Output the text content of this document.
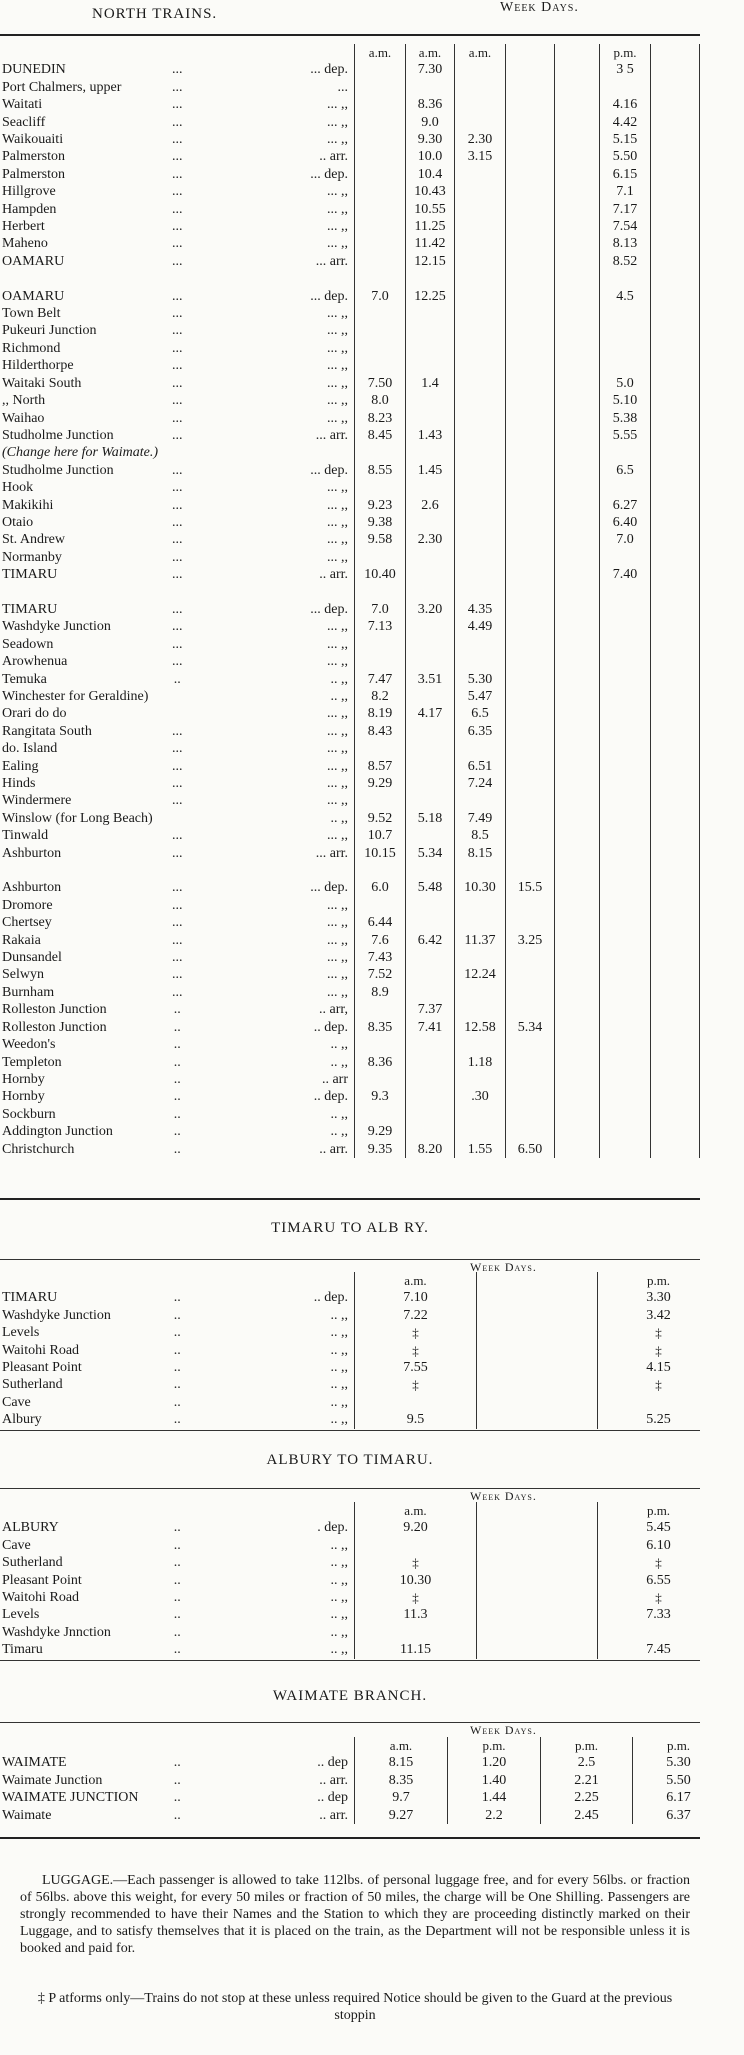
NORTH TRAINS.	Week Days.
			a.m.	a.m.	a.m.			p.m.		
DUNEDIN	...	... dep.		7.30				3 5		
Port Chalmers, upper	...	...								
Waitati	...	... ,,		8.36				4.16		
Seacliff	...	... ,,		9.0				4.42		
Waikouaiti	...	... ,,		9.30	2.30			5.15		
Palmerston	...	.. arr.		10.0	3.15			5.50		
Palmerston	...	... dep.		10.4				6.15		
Hillgrove	...	... ,,		10.43				7.1		
Hampden	...	... ,,		10.55				7.17		
Herbert	...	... ,,		11.25				7.54		
Maheno	...	... ,,		11.42				8.13		
OAMARU	...	... arr.		12.15				8.52		

OAMARU	...	... dep.	7.0	12.25				4.5		
Town Belt	...	... ,,								
Pukeuri Junction	...	... ,,								
Richmond	...	... ,,								
Hilderthorpe	...	... ,,								
Waitaki South	...	... ,,	7.50	1.4				5.0		
,, North	...	... ,,	8.0					5.10		
Waihao	...	... ,,	8.23					5.38		
Studholme Junction	...	... arr.	8.45	1.43				5.55		
(Change here for Waimate.)										
Studholme Junction	...	... dep.	8.55	1.45				6.5		
Hook	...	... ,,								
Makikihi	...	... ,,	9.23	2.6				6.27		
Otaio	...	... ,,	9.38					6.40		
St. Andrew	...	... ,,	9.58	2.30				7.0		
Normanby	...	... ,,								
TIMARU	...	.. arr.	10.40					7.40		

TIMARU	...	... dep.	7.0	3.20	4.35					
Washdyke Junction	...	... ,,	7.13		4.49					
Seadown	...	... ,,								
Arowhenua	...	... ,,								
Temuka	..	.. ,,	7.47	3.51	5.30					
Winchester for Geraldine)		.. ,,	8.2		5.47					
Orari do do		... ,,	8.19	4.17	6.5					
Rangitata South	...	... ,,	8.43		6.35					
do. Island	...	... ,,								
Ealing	...	... ,,	8.57		6.51					
Hinds	...	... ,,	9.29		7.24					
Windermere	...	... ,,								
Winslow (for Long Beach)		.. ,,	9.52	5.18	7.49					
Tinwald	...	... ,,	10.7		8.5					
Ashburton	...	... arr.	10.15	5.34	8.15					

Ashburton	...	... dep.	6.0	5.48	10.30	15.5				
Dromore	...	... ,,								
Chertsey	...	... ,,	6.44							
Rakaia	...	... ,,	7.6	6.42	11.37	3.25				
Dunsandel	...	... ,,	7.43							
Selwyn	...	... ,,	7.52		12.24					
Burnham	...	... ,,	8.9							
Rolleston Junction	..	.. arr,		7.37						
Rolleston Junction	..	.. dep.	8.35	7.41	12.58	5.34				
Weedon's	..	.. ,,								
Templeton	..	.. ,,	8.36		1.18					
Hornby	..	.. arr								
Hornby	..	.. dep.	9.3		.30					
Sockburn	..	.. ,,								
Addington Junction	..	.. ,,	9.29							
Christchurch	..	.. arr.	9.35	8.20	1.55	6.50				
TIMARU TO ALB RY.
Week Days.
			a.m.		p.m.
TIMARU	..	.. dep.	7.10		3.30
Washdyke Junction	..	.. ,,	7.22		3.42
Levels	..	.. ,,	‡		‡
Waitohi Road	..	.. ,,	‡		‡
Pleasant Point	..	.. ,,	7.55		4.15
Sutherland	..	.. ,,	‡		‡
Cave	..	.. ,,			
Albury	..	.. ,,	9.5		5.25
ALBURY TO TIMARU.
Week Days.
			a.m.		p.m.
ALBURY	..	. dep.	9.20		5.45
Cave	..	.. ,,			6.10
Sutherland	..	.. ,,	‡		‡
Pleasant Point	..	.. ,,	10.30		6.55
Waitohi Road	..	.. ,,	‡		‡
Levels	..	.. ,,	11.3		7.33
Washdyke Jnnction	..	.. ,,			
Timaru	..	.. ,,	11.15		7.45
WAIMATE BRANCH.
Week Days.
			a.m.	p.m.	p.m.	p.m.
WAIMATE	..	.. dep	8.15	1.20	2.5	5.30
Waimate Junction	..	.. arr.	8.35	1.40	2.21	5.50
WAIMATE JUNCTION	..	.. dep	9.7	1.44	2.25	6.17
Waimate	..	.. arr.	9.27	2.2	2.45	6.37
LUGGAGE.—Each passenger is allowed to take 112lbs. of personal luggage free, and for every 56lbs. or fraction of 56lbs. above this weight, for every 50 miles or fraction of 50 miles, the charge will be One Shilling. Passengers are strongly recommended to have their Names and the Station to which they are proceeding distinctly marked on their Luggage, and to satisfy themselves that it is placed on the train, as the Department will not be responsible unless it is booked and paid for.
‡ P atforms only—Trains do not stop at these unless required Notice should be given to the Guard at the previous stoppin
